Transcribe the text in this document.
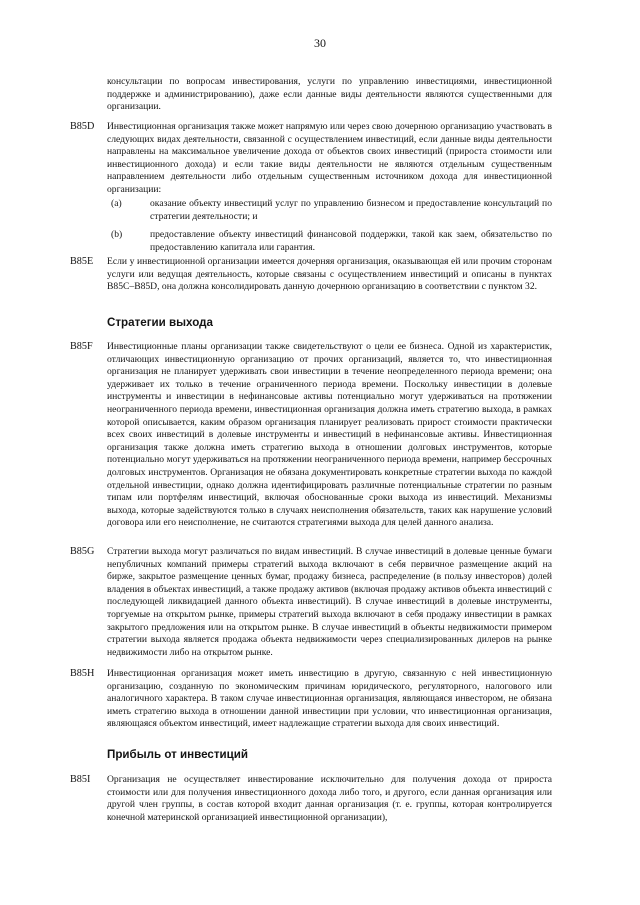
30
консультации по вопросам инвестирования, услуги по управлению инвестициями, инвестиционной поддержке и администрированию), даже если данные виды деятельности являются существенными для организации.
B85D Инвестиционная организация также может напрямую или через свою дочернюю организацию участвовать в следующих видах деятельности, связанной с осуществлением инвестиций, если данные виды деятельности направлены на максимальное увеличение дохода от объектов своих инвестиций (прироста стоимости или инвестиционного дохода) и если такие виды деятельности не являются отдельным существенным направлением деятельности либо отдельным существенным источником дохода для инвестиционной организации:
(a)	оказание объекту инвестиций услуг по управлению бизнесом и предоставление консультаций по стратегии деятельности; и
(b)	предоставление объекту инвестиций финансовой поддержки, такой как заем, обязательство по предоставлению капитала или гарантия.
B85E Если у инвестиционной организации имеется дочерняя организация, оказывающая ей или прочим сторонам услуги или ведущая деятельность, которые связаны с осуществлением инвестиций и описаны в пунктах B85C–B85D, она должна консолидировать данную дочернюю организацию в соответствии с пунктом 32.
Стратегии выхода
B85F Инвестиционные планы организации также свидетельствуют о цели ее бизнеса. Одной из характеристик, отличающих инвестиционную организацию от прочих организаций, является то, что инвестиционная организация не планирует удерживать свои инвестиции в течение неопределенного периода времени; она удерживает их только в течение ограниченного периода времени. Поскольку инвестиции в долевые инструменты и инвестиции в нефинансовые активы потенциально могут удерживаться на протяжении неограниченного периода времени, инвестиционная организация должна иметь стратегию выхода, в рамках которой описывается, каким образом организация планирует реализовать прирост стоимости практически всех своих инвестиций в долевые инструменты и инвестиций в нефинансовые активы. Инвестиционная организация также должна иметь стратегию выхода в отношении долговых инструментов, которые потенциально могут удерживаться на протяжении неограниченного периода времени, например бессрочных долговых инструментов. Организация не обязана документировать конкретные стратегии выхода по каждой отдельной инвестиции, однако должна идентифицировать различные потенциальные стратегии по разным типам или портфелям инвестиций, включая обоснованные сроки выхода из инвестиций. Механизмы выхода, которые задействуются только в случаях неисполнения обязательств, таких как нарушение условий договора или его неисполнение, не считаются стратегиями выхода для целей данного анализа.
B85G Стратегии выхода могут различаться по видам инвестиций. В случае инвестиций в долевые ценные бумаги непубличных компаний примеры стратегий выхода включают в себя первичное размещение акций на бирже, закрытое размещение ценных бумаг, продажу бизнеса, распределение (в пользу инвесторов) долей владения в объектах инвестиций, а также продажу активов (включая продажу активов объекта инвестиций с последующей ликвидацией данного объекта инвестиций). В случае инвестиций в долевые инструменты, торгуемые на открытом рынке, примеры стратегий выхода включают в себя продажу инвестиции в рамках закрытого предложения или на открытом рынке. В случае инвестиций в объекты недвижимости примером стратегии выхода является продажа объекта недвижимости через специализированных дилеров на рынке недвижимости либо на открытом рынке.
B85H Инвестиционная организация может иметь инвестицию в другую, связанную с ней инвестиционную организацию, созданную по экономическим причинам юридического, регуляторного, налогового или аналогичного характера. В таком случае инвестиционная организация, являющаяся инвестором, не обязана иметь стратегию выхода в отношении данной инвестиции при условии, что инвестиционная организация, являющаяся объектом инвестиций, имеет надлежащие стратегии выхода для своих инвестиций.
Прибыль от инвестиций
B85I Организация не осуществляет инвестирование исключительно для получения дохода от прироста стоимости или для получения инвестиционного дохода либо того, и другого, если данная организация или другой член группы, в состав которой входит данная организация (т. е. группы, которая контролируется конечной материнской организацией инвестиционной организации),
